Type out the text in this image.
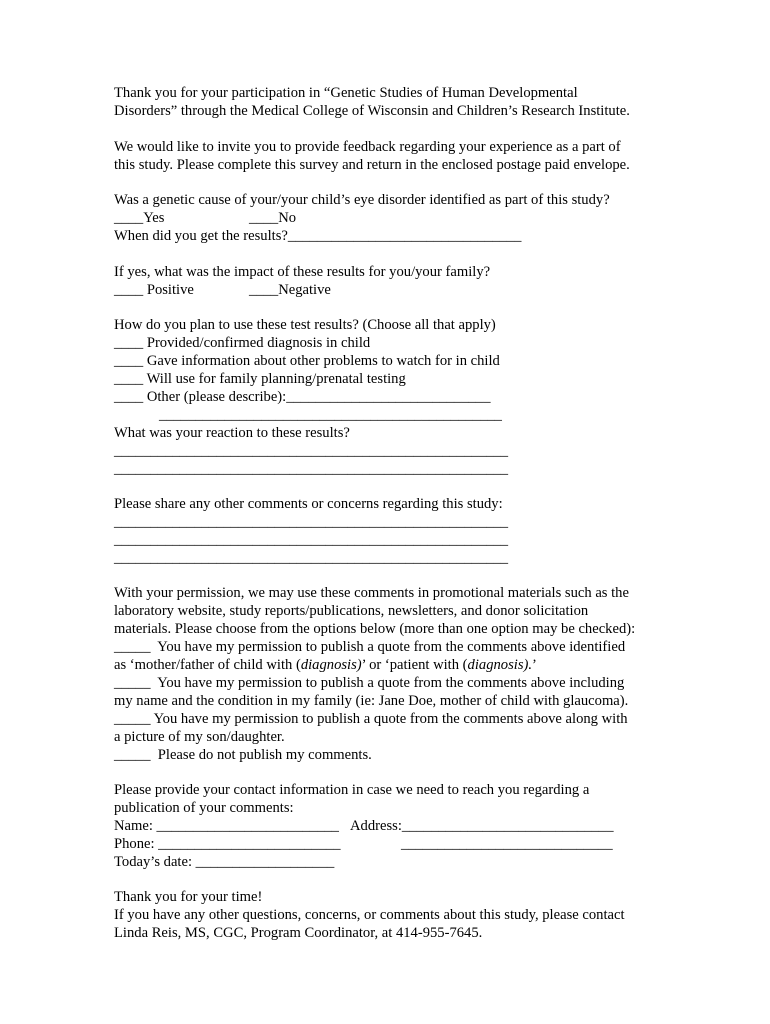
Thank you for your participation in “Genetic Studies of Human Developmental
Disorders” through the Medical College of Wisconsin and Children’s Research Institute.
We would like to invite you to provide feedback regarding your experience as a part of
this study. Please complete this survey and return in the enclosed postage paid envelope.
Was a genetic cause of your/your child’s eye disorder identified as part of this study?
____Yes	____No
When did you get the results?________________________________
If yes, what was the impact of these results for you/your family?
____ Positive	____Negative
How do you plan to use these test results? (Choose all that apply)
____ Provided/confirmed diagnosis in child
____ Gave information about other problems to watch for in child
____ Will use for family planning/prenatal testing
____ Other (please describe):____________________________
_______________________________________________
What was your reaction to these results?
______________________________________________________
______________________________________________________
Please share any other comments or concerns regarding this study:
______________________________________________________
______________________________________________________
______________________________________________________
With your permission, we may use these comments in promotional materials such as the
laboratory website, study reports/publications, newsletters, and donor solicitation
materials. Please choose from the options below (more than one option may be checked):
_____  You have my permission to publish a quote from the comments above identified
as ‘mother/father of child with (diagnosis)’ or ‘patient with (diagnosis).’
_____  You have my permission to publish a quote from the comments above including
my name and the condition in my family (ie: Jane Doe, mother of child with glaucoma).
_____ You have my permission to publish a quote from the comments above along with
a picture of my son/daughter.
_____  Please do not publish my comments.
Please provide your contact information in case we need to reach you regarding a
publication of your comments:
Name: _________________________ Address:_____________________________
Phone: _________________________	_____________________________
Today’s date: ___________________
Thank you for your time!
If you have any other questions, concerns, or comments about this study, please contact
Linda Reis, MS, CGC, Program Coordinator, at 414-955-7645.
